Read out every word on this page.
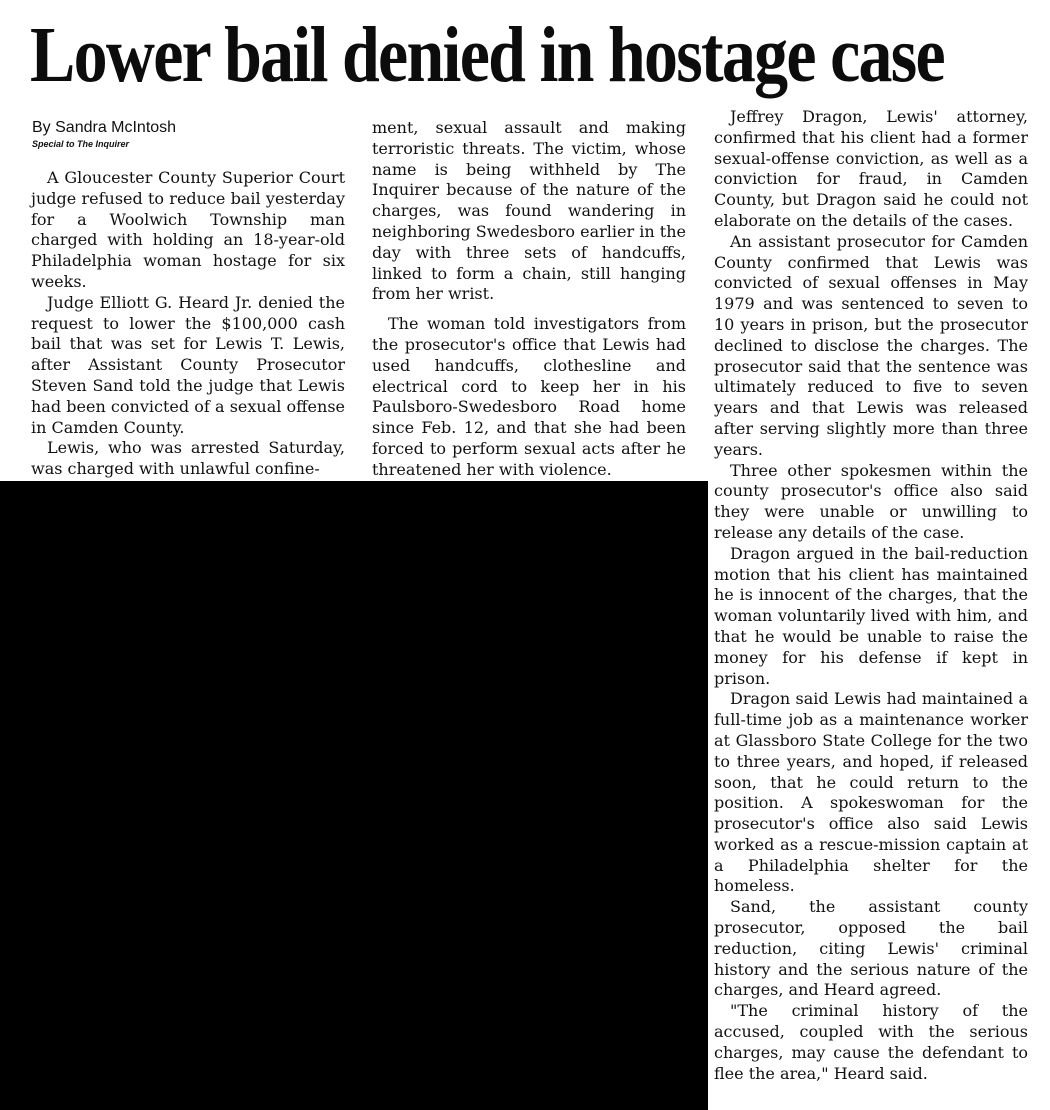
Lower bail denied in hostage case
By Sandra McIntosh
Special to The Inquirer

A Gloucester County Superior Court judge refused to reduce bail yesterday for a Woolwich Township man charged with holding an 18-year-old Philadelphia woman hostage for six weeks.

Judge Elliott G. Heard Jr. denied the request to lower the $100,000 cash bail that was set for Lewis T. Lewis, after Assistant County Prosecutor Steven Sand told the judge that Lewis had been convicted of a sexual offense in Camden County.

Lewis, who was arrested Saturday, was charged with unlawful confine-

ment, sexual assault and making terroristic threats. The victim, whose name is being withheld by The Inquirer because of the nature of the charges, was found wandering in neighboring Swedesboro earlier in the day with three sets of handcuffs, linked to form a chain, still hanging from her wrist.

The woman told investigators from the prosecutor's office that Lewis had used handcuffs, clothesline and electrical cord to keep her in his Paulsboro-Swedesboro Road home since Feb. 12, and that she had been forced to perform sexual acts after he threatened her with violence.

Jeffrey Dragon, Lewis' attorney, confirmed that his client had a former sexual-offense conviction, as well as a conviction for fraud, in Camden County, but Dragon said he could not elaborate on the details of the cases.

An assistant prosecutor for Camden County confirmed that Lewis was convicted of sexual offenses in May 1979 and was sentenced to seven to 10 years in prison, but the prosecutor declined to disclose the charges. The prosecutor said that the sentence was ultimately reduced to five to seven years and that Lewis was released after serving slightly more than three years.

Three other spokesmen within the county prosecutor's office also said they were unable or unwilling to release any details of the case.

Dragon argued in the bail-reduction motion that his client has maintained he is innocent of the charges, that the woman voluntarily lived with him, and that he would be unable to raise the money for his defense if kept in prison.

Dragon said Lewis had maintained a full-time job as a maintenance worker at Glassboro State College for the two to three years, and hoped, if released soon, that he could return to the position. A spokeswoman for the prosecutor's office also said Lewis worked as a rescue-mission captain at a Philadelphia shelter for the homeless.

Sand, the assistant county prosecutor, opposed the bail reduction, citing Lewis' criminal history and the serious nature of the charges, and Heard agreed.

"The criminal history of the accused, coupled with the serious charges, may cause the defendant to flee the area," Heard said.
